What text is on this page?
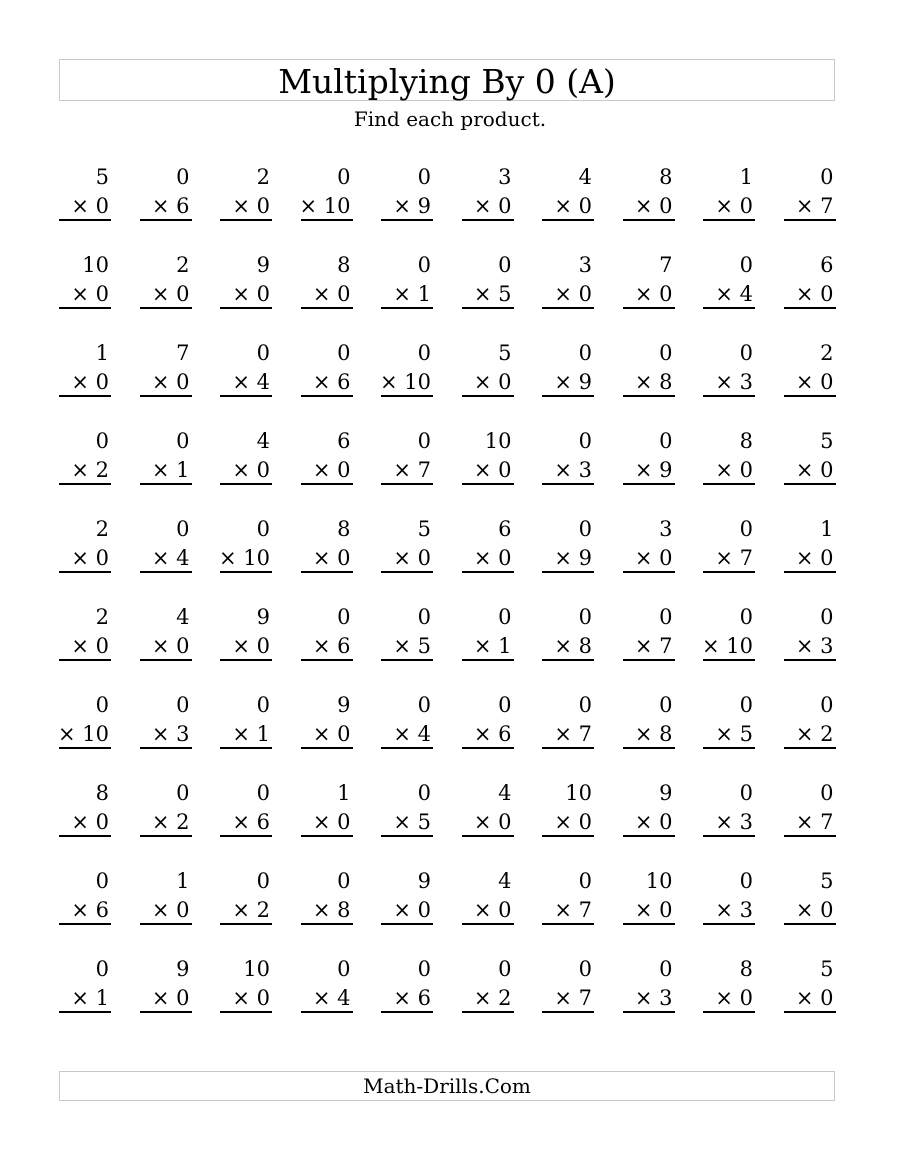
Multiplying By 0 (A)
Find each product.
5
× 0
0
× 6
2
× 0
0
× 10
0
× 9
3
× 0
4
× 0
8
× 0
1
× 0
0
× 7
10
× 0
2
× 0
9
× 0
8
× 0
0
× 1
0
× 5
3
× 0
7
× 0
0
× 4
6
× 0
1
× 0
7
× 0
0
× 4
0
× 6
0
× 10
5
× 0
0
× 9
0
× 8
0
× 3
2
× 0
0
× 2
0
× 1
4
× 0
6
× 0
0
× 7
10
× 0
0
× 3
0
× 9
8
× 0
5
× 0
2
× 0
0
× 4
0
× 10
8
× 0
5
× 0
6
× 0
0
× 9
3
× 0
0
× 7
1
× 0
2
× 0
4
× 0
9
× 0
0
× 6
0
× 5
0
× 1
0
× 8
0
× 7
0
× 10
0
× 3
0
× 10
0
× 3
0
× 1
9
× 0
0
× 4
0
× 6
0
× 7
0
× 8
0
× 5
0
× 2
8
× 0
0
× 2
0
× 6
1
× 0
0
× 5
4
× 0
10
× 0
9
× 0
0
× 3
0
× 7
0
× 6
1
× 0
0
× 2
0
× 8
9
× 0
4
× 0
0
× 7
10
× 0
0
× 3
5
× 0
0
× 1
9
× 0
10
× 0
0
× 4
0
× 6
0
× 2
0
× 7
0
× 3
8
× 0
5
× 0
Math-Drills.Com
